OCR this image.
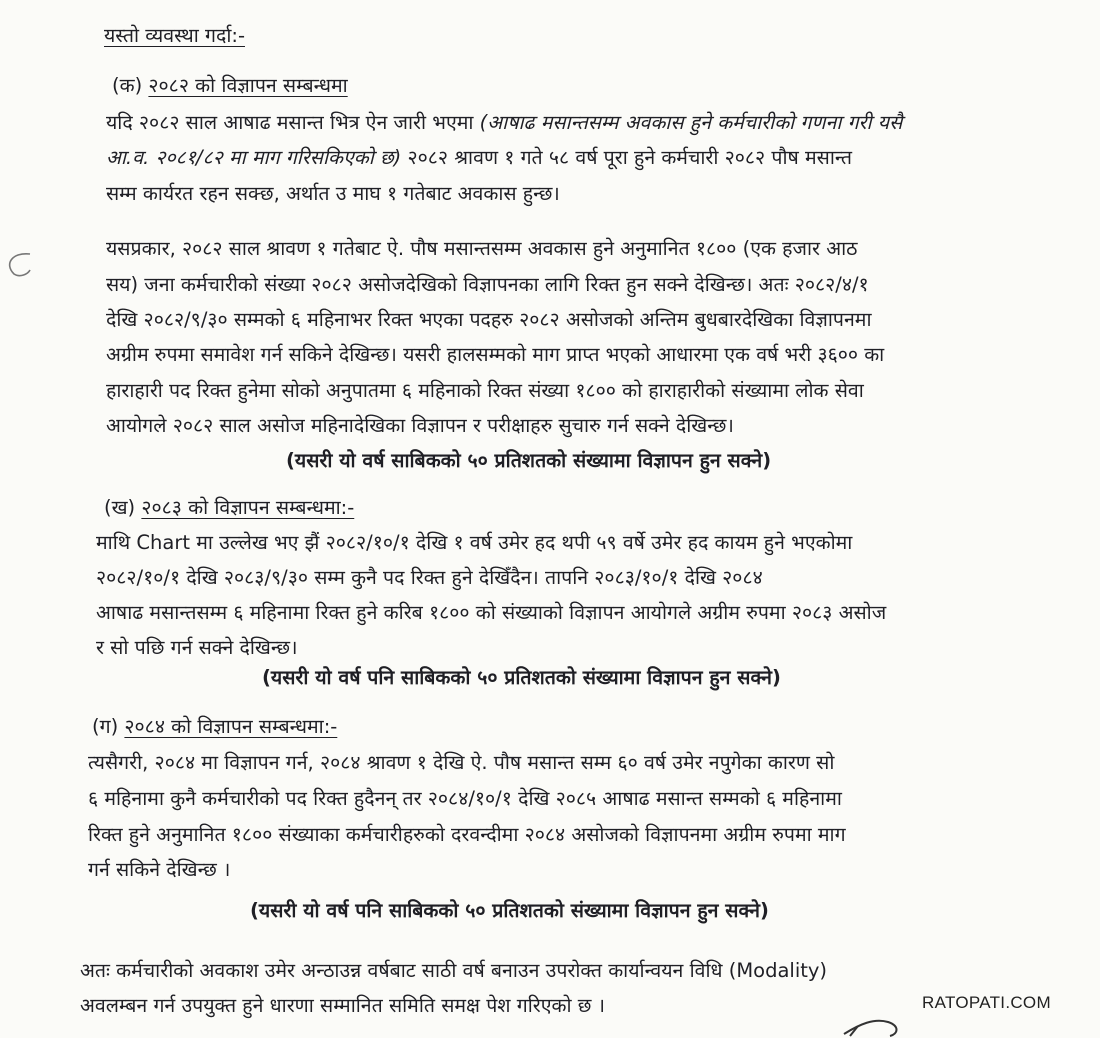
यस्तो व्यवस्था गर्दा:-
(क) २०८२ को विज्ञापन सम्बन्धमा
यदि २०८२ साल आषाढ मसान्त भित्र ऐन जारी भएमा (आषाढ मसान्तसम्म अवकास हुने कर्मचारीको गणना गरी यसै
आ.व. २०८१/८२ मा माग गरिसकिएको छ) २०८२ श्रावण १ गते ५८ वर्ष पूरा हुने कर्मचारी २०८२ पौष मसान्त
सम्म कार्यरत रहन सक्छ, अर्थात उ माघ १ गतेबाट अवकास हुन्छ।
यसप्रकार, २०८२ साल श्रावण १ गतेबाट ऐ. पौष मसान्तसम्म अवकास हुने अनुमानित १८०० (एक हजार आठ
सय) जना कर्मचारीको संख्या २०८२ असोजदेखिको विज्ञापनका लागि रिक्त हुन सक्ने देखिन्छ। अतः २०८२/४/१
देखि २०८२/९/३० सम्मको ६ महिनाभर रिक्त भएका पदहरु २०८२ असोजको अन्तिम बुधबारदेखिका विज्ञापनमा
अग्रीम रुपमा समावेश गर्न सकिने देखिन्छ। यसरी हालसम्मको माग प्राप्त भएको आधारमा एक वर्ष भरी ३६०० का
हाराहारी पद रिक्त हुनेमा सोको अनुपातमा ६ महिनाको रिक्त संख्या १८०० को हाराहारीको संख्यामा लोक सेवा
आयोगले २०८२ साल असोज महिनादेखिका विज्ञापन र परीक्षाहरु सुचारु गर्न सक्ने देखिन्छ।
(यसरी यो वर्ष साबिकको ५० प्रतिशतको संख्यामा विज्ञापन हुन सक्ने)
(ख) २०८३ को विज्ञापन सम्बन्धमा:-
माथि Chart मा उल्लेख भए झैं २०८२/१०/१ देखि १ वर्ष उमेर हद थपी ५९ वर्षे उमेर हद कायम हुने भएकोमा
२०८२/१०/१ देखि २०८३/९/३० सम्म कुनै पद रिक्त हुने देखिँदैन। तापनि २०८३/१०/१ देखि २०८४
आषाढ मसान्तसम्म ६ महिनामा रिक्त हुने करिब १८०० को संख्याको विज्ञापन आयोगले अग्रीम रुपमा २०८३ असोज
र सो पछि गर्न सक्ने देखिन्छ।
(यसरी यो वर्ष पनि साबिकको ५० प्रतिशतको संख्यामा विज्ञापन हुन सक्ने)
(ग) २०८४ को विज्ञापन सम्बन्धमा:-
त्यसैगरी, २०८४ मा विज्ञापन गर्न, २०८४ श्रावण १ देखि ऐ. पौष मसान्त सम्म ६० वर्ष उमेर नपुगेका कारण सो
६ महिनामा कुनै कर्मचारीको पद रिक्त हुदैनन् तर २०८४/१०/१ देखि २०८५ आषाढ मसान्त सम्मको ६ महिनामा
रिक्त हुने अनुमानित १८०० संख्याका कर्मचारीहरुको दरवन्दीमा २०८४ असोजको विज्ञापनमा अग्रीम रुपमा माग
गर्न सकिने देखिन्छ ।
(यसरी यो वर्ष पनि साबिकको ५० प्रतिशतको संख्यामा विज्ञापन हुन सक्ने)
अतः कर्मचारीको अवकाश उमेर अन्ठाउन्न वर्षबाट साठी वर्ष बनाउन उपरोक्त कार्यान्वयन विधि (Modality)
अवलम्बन गर्न उपयुक्त हुने धारणा सम्मानित समिति समक्ष पेश गरिएको छ ।	RATOPATI.COM
